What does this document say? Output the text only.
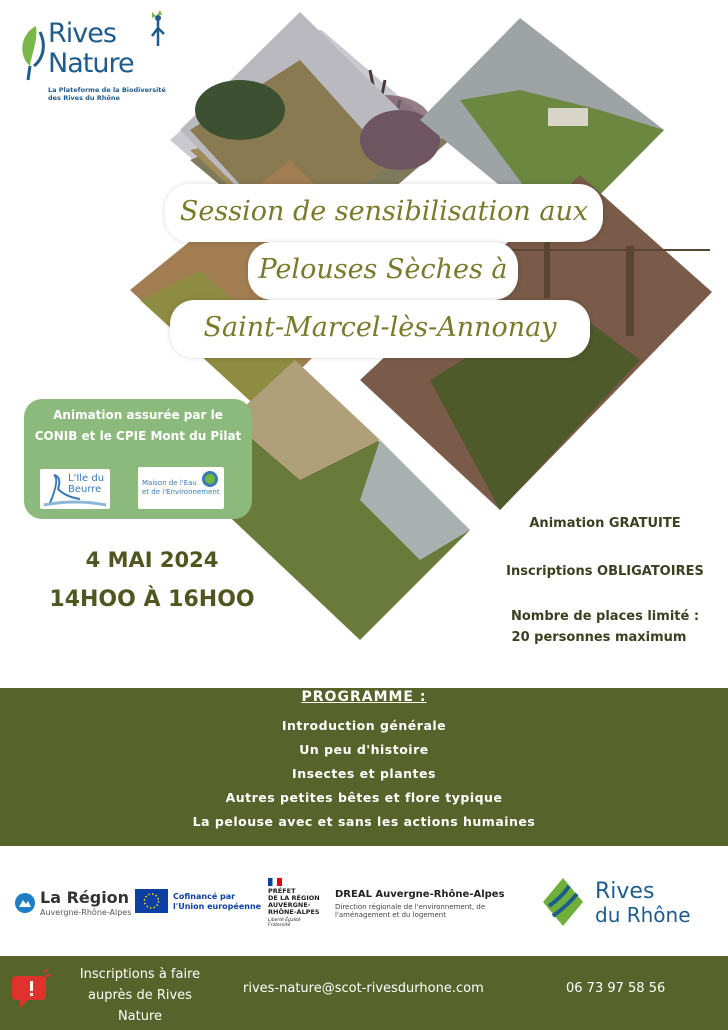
Rives
Nature
La Plateforme de la Biodiversité des Rives du Rhône
Session de sensibilisation aux
Pelouses Sèches à
Saint-Marcel-lès-Annonay
Animation assurée par le CONIB et le CPIE Mont du Pilat
L'Ile du Beurre
Maison de l'Eau
et de l'Environnement
4 MAI 2024
14HOO À 16HOO
Animation GRATUITE
Inscriptions OBLIGATOIRES
Nombre de places limité :
20 personnes maximum
PROGRAMME :
Introduction générale
Un peu d'histoire
Insectes et plantes
Autres petites bêtes et flore typique
La pelouse avec et sans les actions humaines
La Région
Auvergne-Rhône-Alpes
Cofinancé par
l'Union européenne
PRÉFET
DE LA RÉGION
AUVERGNE-
RHÔNE-ALPES
Liberté Égalité Fraternité
DREAL Auvergne-Rhône-Alpes
Direction régionale de l'environnement, de l'aménagement et du logement
Rives
du Rhône
Inscriptions à faire auprès de Rives Nature
rives-nature@scot-rivesdurhone.com	06 73 97 58 56
